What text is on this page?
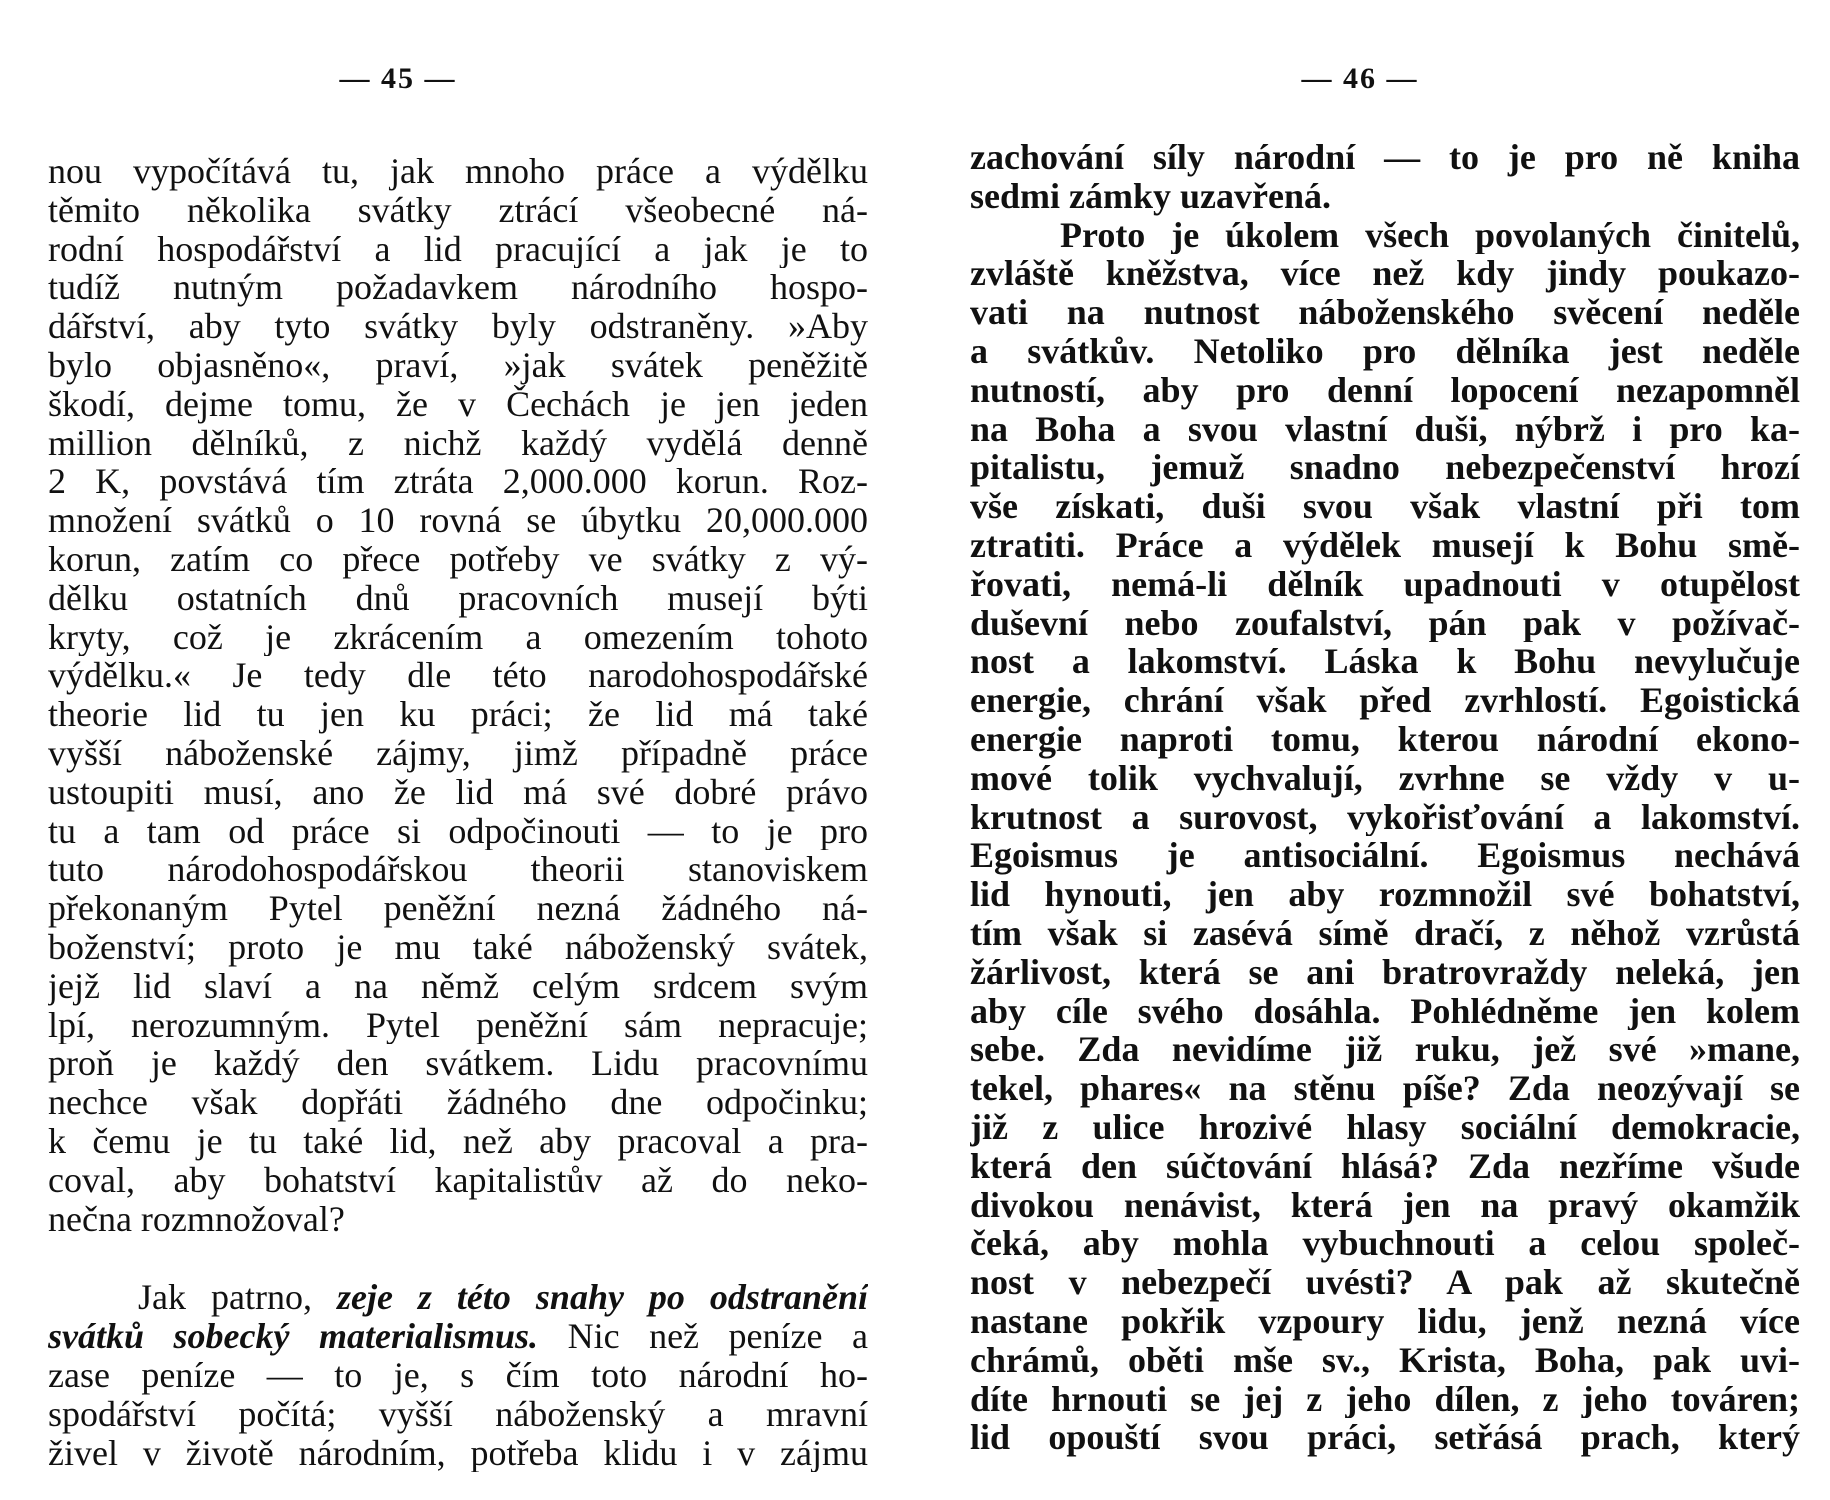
— 45 —
nou vypočítává tu, jak mnoho práce a výdělku
těmito několika svátky ztrácí všeobecné ná-
rodní hospodářství a lid pracující a jak je to
tudíž nutným požadavkem národního hospo-
dářství, aby tyto svátky byly odstraněny. »Aby
bylo objasněno«, praví, »jak svátek peněžitě
škodí, dejme tomu, že v Čechách je jen jeden
million dělníků, z nichž každý vydělá denně
2 K, povstává tím ztráta 2,000.000 korun. Roz-
množení svátků o 10 rovná se úbytku 20,000.000
korun, zatím co přece potřeby ve svátky z vý-
dělku ostatních dnů pracovních musejí býti
kryty, což je zkrácením a omezením tohoto
výdělku.« Je tedy dle této narodohospodářské
theorie lid tu jen ku práci; že lid má také
vyšší náboženské zájmy, jimž případně práce
ustoupiti musí, ano že lid má své dobré právo
tu a tam od práce si odpočinouti — to je pro
tuto národohospodářskou theorii stanoviskem
překonaným Pytel peněžní nezná žádného ná-
boženství; proto je mu také náboženský svátek,
jejž lid slaví a na němž celým srdcem svým
lpí, nerozumným. Pytel peněžní sám nepracuje;
proň je každý den svátkem. Lidu pracovnímu
nechce však dopřáti žádného dne odpočinku;
k čemu je tu také lid, než aby pracoval a pra-
coval, aby bohatství kapitalistův až do neko-
nečna rozmnožoval?
Jak patrno, zeje z této snahy po odstranění
svátků sobecký materialismus. Nic než peníze a
zase peníze — to je, s čím toto národní ho-
spodářství počítá; vyšší náboženský a mravní
živel v životě národním, potřeba klidu i v zájmu
— 46 —
zachování síly národní — to je pro ně kniha
sedmi zámky uzavřená.
Proto je úkolem všech povolaných činitelů,
zvláště kněžstva, více než kdy jindy poukazo-
vati na nutnost náboženského svěcení neděle
a svátkův. Netoliko pro dělníka jest neděle
nutností, aby pro denní lopocení nezapomněl
na Boha a svou vlastní duši, nýbrž i pro ka-
pitalistu, jemuž snadno nebezpečenství hrozí
vše získati, duši svou však vlastní při tom
ztratiti. Práce a výdělek musejí k Bohu smě-
řovati, nemá-li dělník upadnouti v otupělost
duševní nebo zoufalství, pán pak v požívač-
nost a lakomství. Láska k Bohu nevylučuje
energie, chrání však před zvrhlostí. Egoistická
energie naproti tomu, kterou národní ekono-
mové tolik vychvalují, zvrhne se vždy v u-
krutnost a surovost, vykořisťování a lakomství.
Egoismus je antisociální. Egoismus nechává
lid hynouti, jen aby rozmnožil své bohatství,
tím však si zasévá símě dračí, z něhož vzrůstá
žárlivost, která se ani bratrovraždy neleká, jen
aby cíle svého dosáhla. Pohlédněme jen kolem
sebe. Zda nevidíme již ruku, jež své »mane,
tekel, phares« na stěnu píše? Zda neozývají se
již z ulice hrozivé hlasy sociální demokracie,
která den súčtování hlásá? Zda nezříme všude
divokou nenávist, která jen na pravý okamžik
čeká, aby mohla vybuchnouti a celou společ-
nost v nebezpečí uvésti? A pak až skutečně
nastane pokřik vzpoury lidu, jenž nezná více
chrámů, oběti mše sv., Krista, Boha, pak uvi-
díte hrnouti se jej z jeho dílen, z jeho továren;
lid opouští svou práci, setřásá prach, který
